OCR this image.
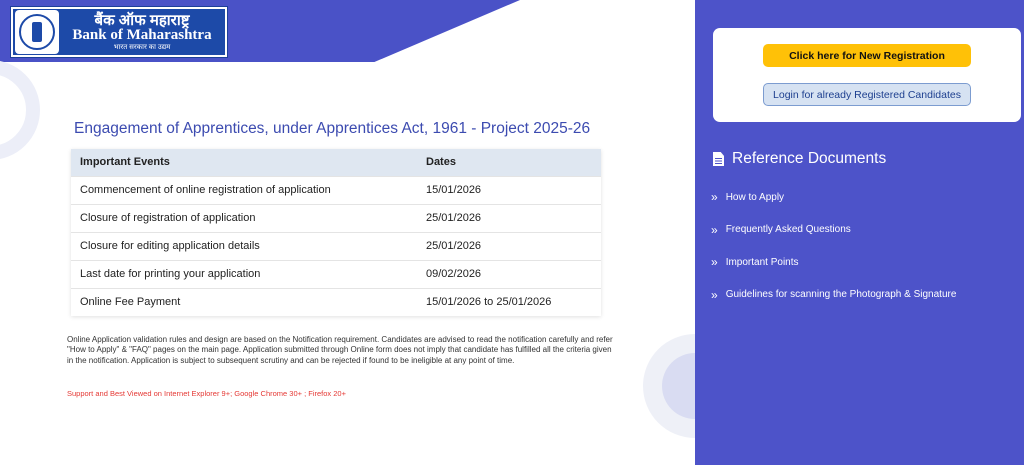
बैंक ऑफ महाराष्ट्र
Bank of Maharashtra
भारत सरकार का उद्यम
Engagement of Apprentices, under Apprentices Act, 1961 - Project 2025-26
Important Events	Dates
Commencement of online registration of application	15/01/2026
Closure of registration of application	25/01/2026
Closure for editing application details	25/01/2026
Last date for printing your application	09/02/2026
Online Fee Payment	15/01/2026 to 25/01/2026

Online Application validation rules and design are based on the Notification requirement. Candidates are advised to read the notification carefully and refer "How to Apply" & "FAQ" pages on the main page. Application submitted through Online form does not imply that candidate has fulfilled all the criteria given in the notification. Application is subject to subsequent scrutiny and can be rejected if found to be ineligible at any point of time.

Support and Best Viewed on Internet Explorer 9+; Google Chrome 30+ ; Firefox 20+

Click here for New Registration
Login for already Registered Candidates
Reference Documents
» How to Apply
» Frequently Asked Questions
» Important Points
» Guidelines for scanning the Photograph & Signature
